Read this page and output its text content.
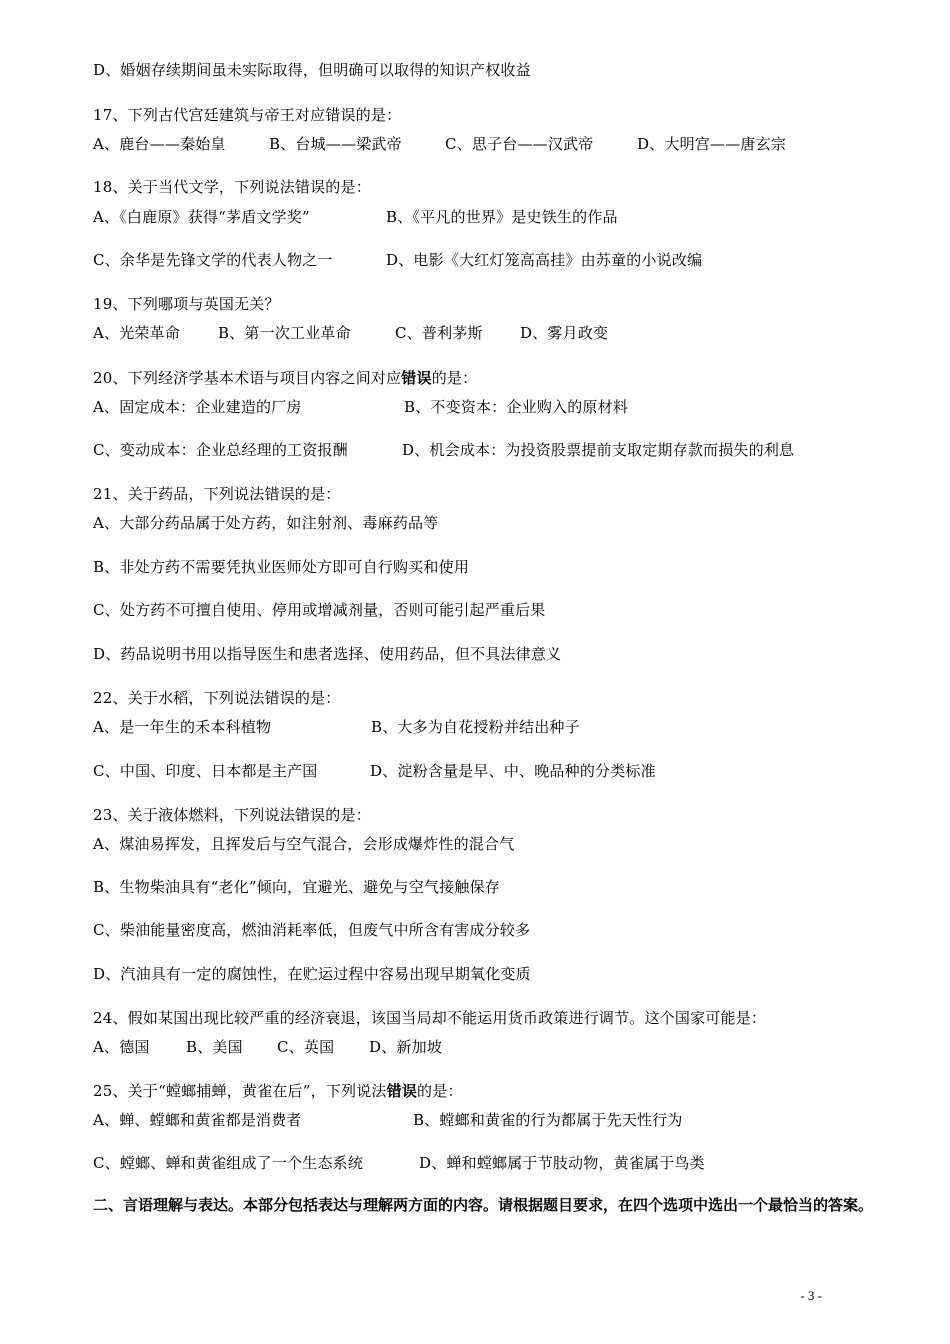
D、婚姻存续期间虽未实际取得，但明确可以取得的知识产权收益
17、下列古代宫廷建筑与帝王对应错误的是：
A、鹿台——秦始皇	B、台城——梁武帝	C、思子台——汉武帝	D、大明宫——唐玄宗
18、关于当代文学，下列说法错误的是：
A、《白鹿原》获得“茅盾文学奖”	B、《平凡的世界》是史铁生的作品
C、余华是先锋文学的代表人物之一	D、电影《大红灯笼高高挂》由苏童的小说改编
19、下列哪项与英国无关？
A、光荣革命	B、第一次工业革命	C、普利茅斯 D、雾月政变
20、下列经济学基本术语与项目内容之间对应错误的是：
A、固定成本：企业建造的厂房	B、不变资本：企业购入的原材料
C、变动成本：企业总经理的工资报酬	D、机会成本：为投资股票提前支取定期存款而损失的利息
21、关于药品，下列说法错误的是：
A、大部分药品属于处方药，如注射剂、毒麻药品等
B、非处方药不需要凭执业医师处方即可自行购买和使用
C、处方药不可擅自使用、停用或增减剂量，否则可能引起严重后果
D、药品说明书用以指导医生和患者选择、使用药品，但不具法律意义
22、关于水稻，下列说法错误的是：
A、是一年生的禾本科植物	B、大多为自花授粉并结出种子
C、中国、印度、日本都是主产国	D、淀粉含量是早、中、晚品种的分类标准
23、关于液体燃料，下列说法错误的是：
A、煤油易挥发，且挥发后与空气混合，会形成爆炸性的混合气
B、生物柴油具有“老化”倾向，宜避光、避免与空气接触保存
C、柴油能量密度高，燃油消耗率低，但废气中所含有害成分较多
D、汽油具有一定的腐蚀性，在贮运过程中容易出现早期氧化变质
24、假如某国出现比较严重的经济衰退，该国当局却不能运用货币政策进行调节。这个国家可能是：
A、德国 B、美国 C、英国 D、新加坡
25、关于“螳螂捕蝉，黄雀在后”，下列说法错误的是：
A、蝉、螳螂和黄雀都是消费者	B、螳螂和黄雀的行为都属于先天性行为
C、螳螂、蝉和黄雀组成了一个生态系统	D、蝉和螳螂属于节肢动物，黄雀属于鸟类
二、言语理解与表达。本部分包括表达与理解两方面的内容。请根据题目要求，在四个选项中选出一个最恰当的答案。
- 3 -
